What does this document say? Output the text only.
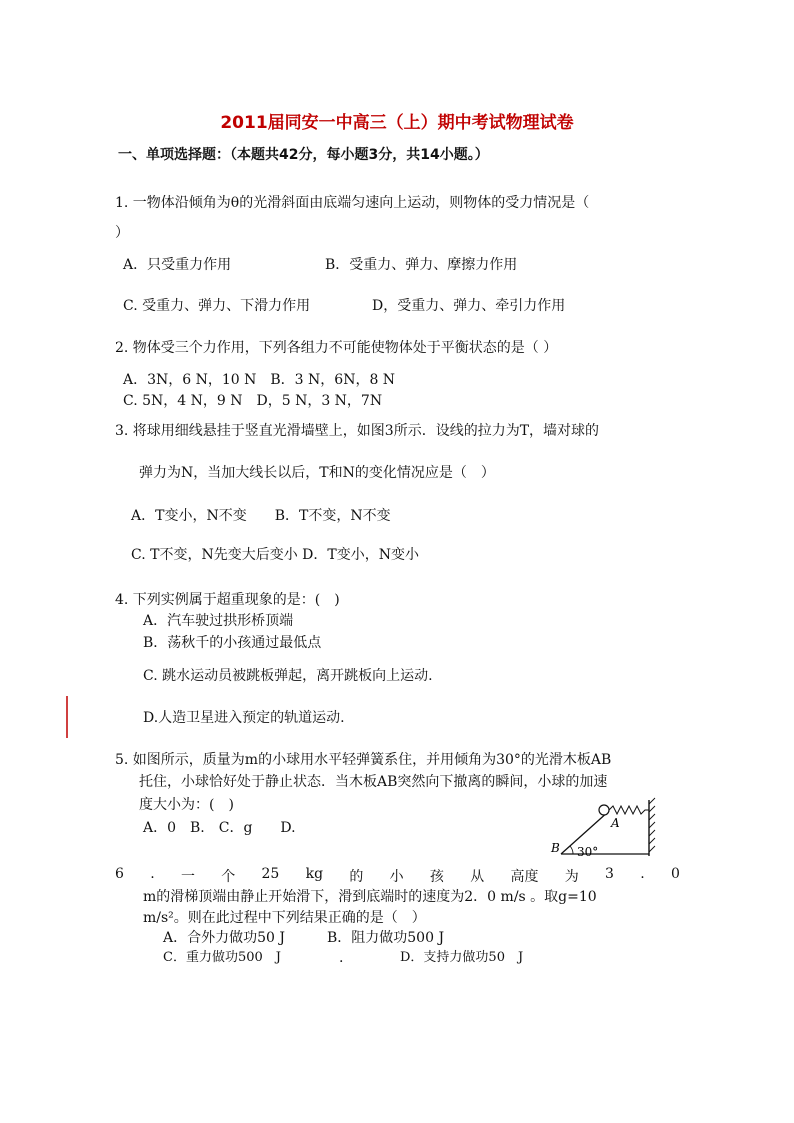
2011届同安一中高三（上）期中考试物理试卷
一、单项选择题：（本题共42分，每小题3分，共14小题。）
1. 一物体沿倾角为θ的光滑斜面由底端匀速向上运动，则物体的受力情况是（
）
A．只受重力作用	B．受重力、弹力、摩擦力作用
C. 受重力、弹力、下滑力作用	D，受重力、弹力、牵引力作用
2. 物体受三个力作用，下列各组力不可能使物体处于平衡状态的是（ ）
A．3N，6 N，10 N　B．3 N，6N，8 N
C. 5N，4 N，9 N　D，5 N，3 N，7N
3. 将球用细线悬挂于竖直光滑墙壁上，如图3所示．设线的拉力为T，墙对球的
弹力为N，当加大线长以后，T和N的变化情况应是（　）
A．T变小，N不变　　B．T不变，N不变
C. T不变，N先变大后变小 D．T变小，N变小
4. 下列实例属于超重现象的是：(　)
A．汽车驶过拱形桥顶端
B．荡秋千的小孩通过最低点
C. 跳水运动员被跳板弹起，离开跳板向上运动.
D.人造卫星进入预定的轨道运动.
5. 如图所示，质量为m的小球用水平轻弹簧系住，并用倾角为30°的光滑木板AB
托住，小球恰好处于静止状态．当木板AB突然向下撤离的瞬间，小球的加速
度大小为：(　)
A．0　B.　C．g　　D.	A
B 30°
6 . 一 个 25 kg 的 小 孩 从 高度 为 3 . 0
m的滑梯顶端由静止开始滑下，滑到底端时的速度为2．0 m/s 。取g=10
m/s²。则在此过程中下列结果正确的是（　）
A．合外力做功50 J　　　B．阻力做功500 J
C．重力做功500　J	.	D．支持力做功50　J
